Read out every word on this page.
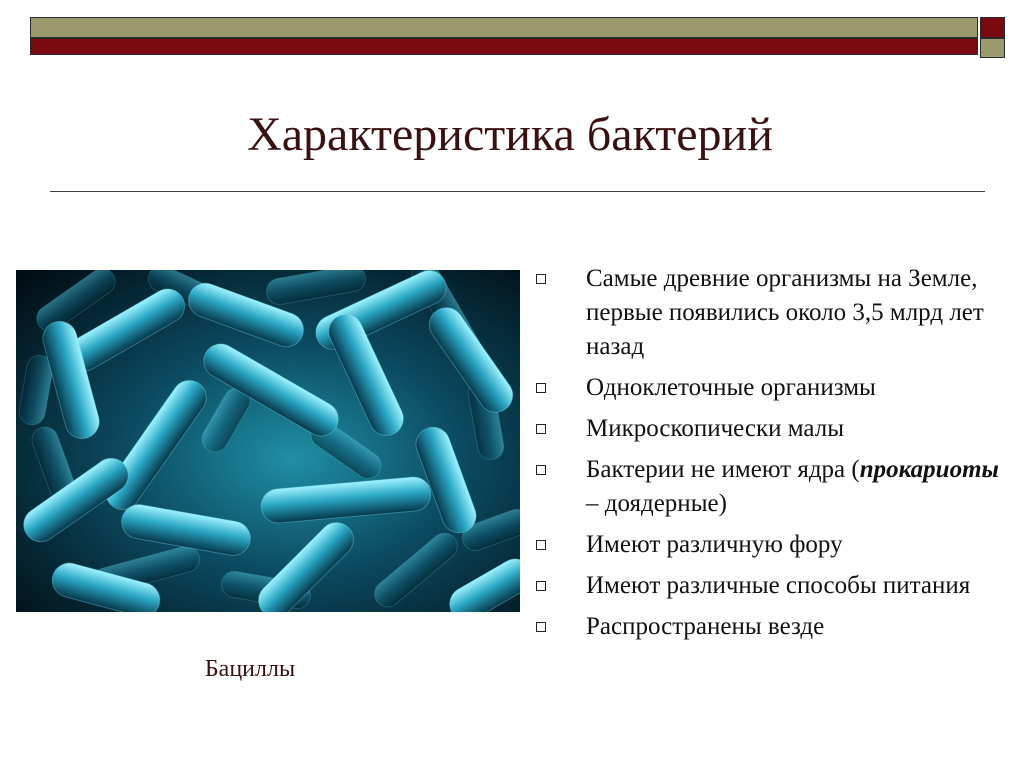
Характеристика бактерий
Бациллы
Самые древние организмы на Земле, первые появились около 3,5 млрд лет назад
Одноклеточные организмы
Микроскопически малы
Бактерии не имеют ядра (прокариоты – доядерные)
Имеют различную фору
Имеют различные способы питания
Распространены везде
